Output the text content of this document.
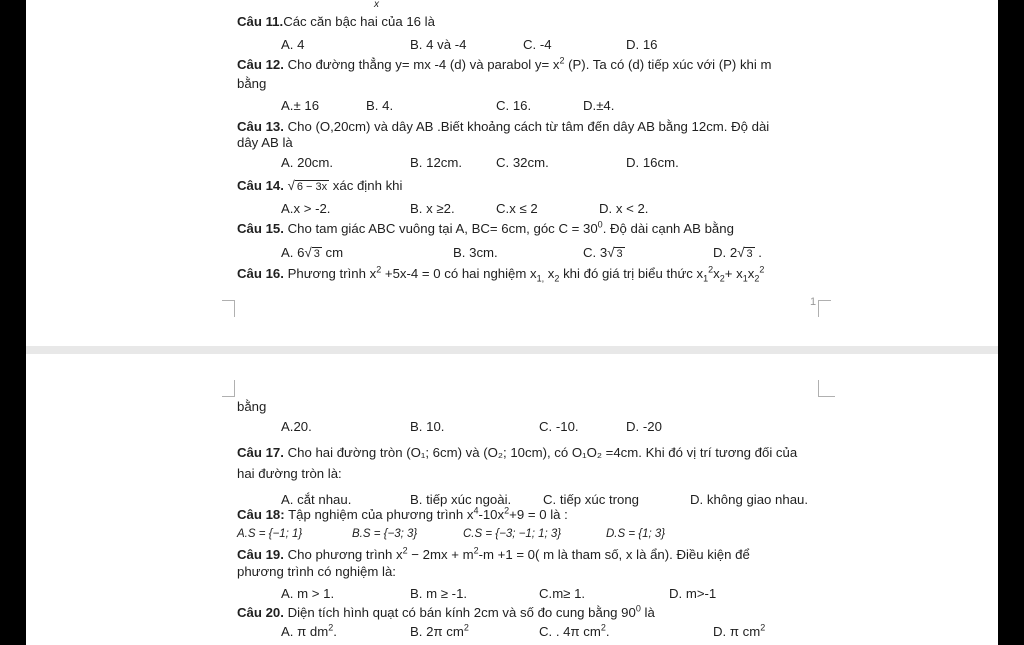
x
Câu 11.Các căn bậc hai của 16 là
A. 4	B. 4 và -4	C. -4	D. 16
Câu 12. Cho đường thẳng y= mx -4 (d) và parabol $y= x^2$ (P). Ta có (d) tiếp xúc với (P) khi m
bằng
A.± 16	B. 4.	C. 16.	D.±4.
Câu 13. Cho (O,20cm) và dây AB .Biết khoảng cách từ tâm đến dây AB bằng 12cm. Độ dài
dây AB là
A. 20cm.	B. 12cm.	C. 32cm.	D. 16cm.
Câu 14. √ 6 − 3x xác định khi
A.x > -2.	B. x ≥2.	C.x ≤ 2	D. x < 2.
Câu 15. Cho tam giác ABC vuông tại A, BC= 6cm, góc $C = 30^0$. Độ dài cạnh AB bằng
A. 6√ 3 cm	B. 3cm.	C. 3√ 3	D. 2√ 3 .
Câu 16. Phương trình $x^2 +5x-4 = 0$ có hai nghiệm $x_{1,}$ $x_2$ khi đó giá trị biểu thức $x_1^2x_2+ x_1x_2^2$
1
bằng
A.20.	B. 10.	C. -10.	D. -20
Câu 17. Cho hai đường tròn (O₁; 6cm) và (O₂; 10cm), có O₁O₂ =4cm. Khi đó vị trí tương đối của
hai đường tròn là:
A. cắt nhau.	B. tiếp xúc ngoài. C. tiếp xúc trong	D. không giao nhau.
Câu 18: Tập nghiệm của phương trình $x^4-10x^2+9 = 0$ là :
A.S = {−1; 1}	B.S = {−3; 3}	C.S = {−3; −1; 1; 3}	D.S = {1; 3}
Câu 19. Cho phương trình $x^2 - 2mx + m^2-m +1 = 0$( m là tham số, x là ẩn). Điều kiện để
phương trình có nghiệm là:
A. m > 1.	B. m ≥ -1.	C.m≥ 1.	D. m>-1
Câu 20. Diện tích hình quạt có bán kính 2cm và số đo cung bằng $90^0$ là
A. π $dm^2$.	B. 2π $cm^2$	C. . 4π $cm^2$.	D. π $cm^2$
